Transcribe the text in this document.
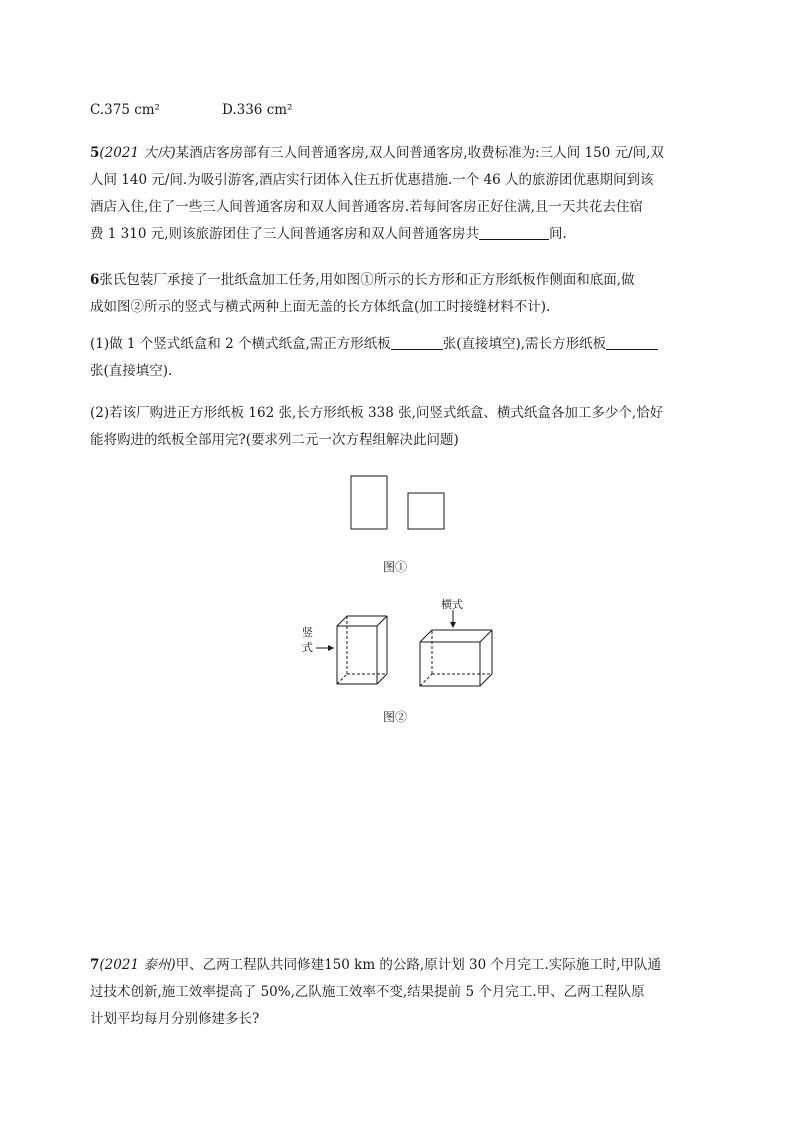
C.375 cm²	D.336 cm²
5(2021 大庆)某酒店客房部有三人间普通客房,双人间普通客房,收费标准为:三人间 150 元/间,双
人间 140 元/间.为吸引游客,酒店实行团体入住五折优惠措施.一个 46 人的旅游团优惠期间到该
酒店入住,住了一些三人间普通客房和双人间普通客房.若每间客房正好住满,且一天共花去住宿
费 1 310 元,则该旅游团住了三人间普通客房和双人间普通客房共	间.
6张氏包装厂承接了一批纸盒加工任务,用如图①所示的长方形和正方形纸板作侧面和底面,做
成如图②所示的竖式与横式两种上面无盖的长方体纸盒(加工时接缝材料不计).
(1)做 1 个竖式纸盒和 2 个横式纸盒,需正方形纸板	张(直接填空),需长方形纸板
张(直接填空).
(2)若该厂购进正方形纸板 162 张,长方形纸板 338 张,问竖式纸盒、横式纸盒各加工多少个,恰好
能将购进的纸板全部用完?(要求列二元一次方程组解决此问题)
图①
竖
式
横式
图②
7(2021 泰州)甲、乙两工程队共同修建150 km 的公路,原计划 30 个月完工.实际施工时,甲队通
过技术创新,施工效率提高了 50%,乙队施工效率不变,结果提前 5 个月完工.甲、乙两工程队原
计划平均每月分别修建多长?
